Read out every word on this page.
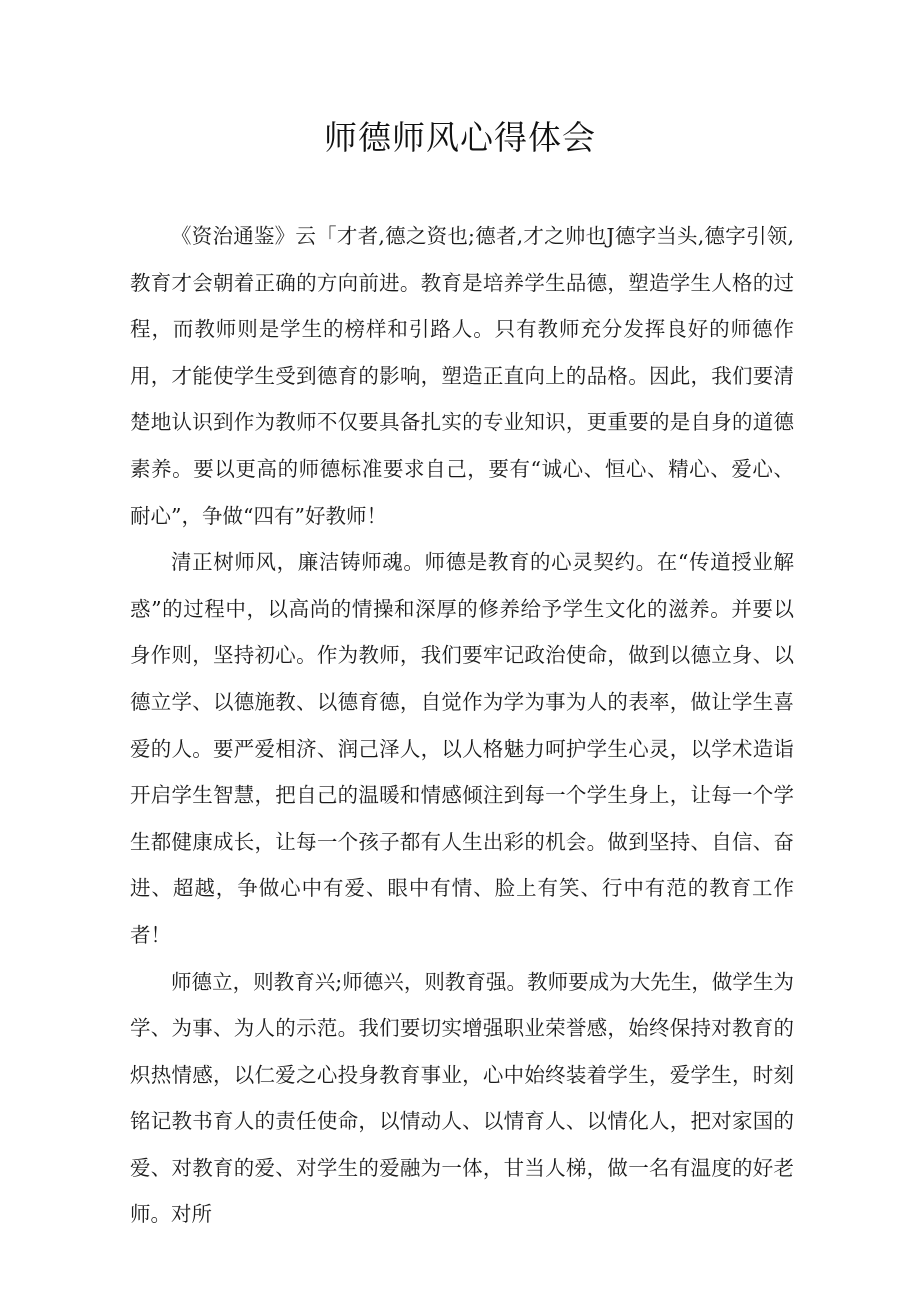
师德师风心得体会

《资治通鉴》云「才者,德之资也;德者,才之帅也J德字当头,德字引领,教育才会朝着正确的方向前进。教育是培养学生品德，塑造学生人格的过程，而教师则是学生的榜样和引路人。只有教师充分发挥良好的师德作用，才能使学生受到德育的影响，塑造正直向上的品格。因此，我们要清楚地认识到作为教师不仅要具备扎实的专业知识，更重要的是自身的道德素养。要以更高的师德标准要求自己，要有“诚心、恒心、精心、爱心、耐心”，争做“四有”好教师！

清正树师风，廉洁铸师魂。师德是教育的心灵契约。在“传道授业解惑”的过程中，以高尚的情操和深厚的修养给予学生文化的滋养。并要以身作则，坚持初心。作为教师，我们要牢记政治使命，做到以德立身、以德立学、以德施教、以德育德，自觉作为学为事为人的表率，做让学生喜爱的人。要严爱相济、润己泽人，以人格魅力呵护学生心灵，以学术造诣开启学生智慧，把自己的温暖和情感倾注到每一个学生身上，让每一个学生都健康成长，让每一个孩子都有人生出彩的机会。做到坚持、自信、奋进、超越，争做心中有爱、眼中有情、脸上有笑、行中有范的教育工作者！

师德立，则教育兴;师德兴，则教育强。教师要成为大先生，做学生为学、为事、为人的示范。我们要切实增强职业荣誉感，始终保持对教育的炽热情感，以仁爱之心投身教育事业，心中始终装着学生，爱学生，时刻铭记教书育人的责任使命，以情动人、以情育人、以情化人，把对家国的爱、对教育的爱、对学生的爱融为一体，甘当人梯，做一名有温度的好老师。对所
